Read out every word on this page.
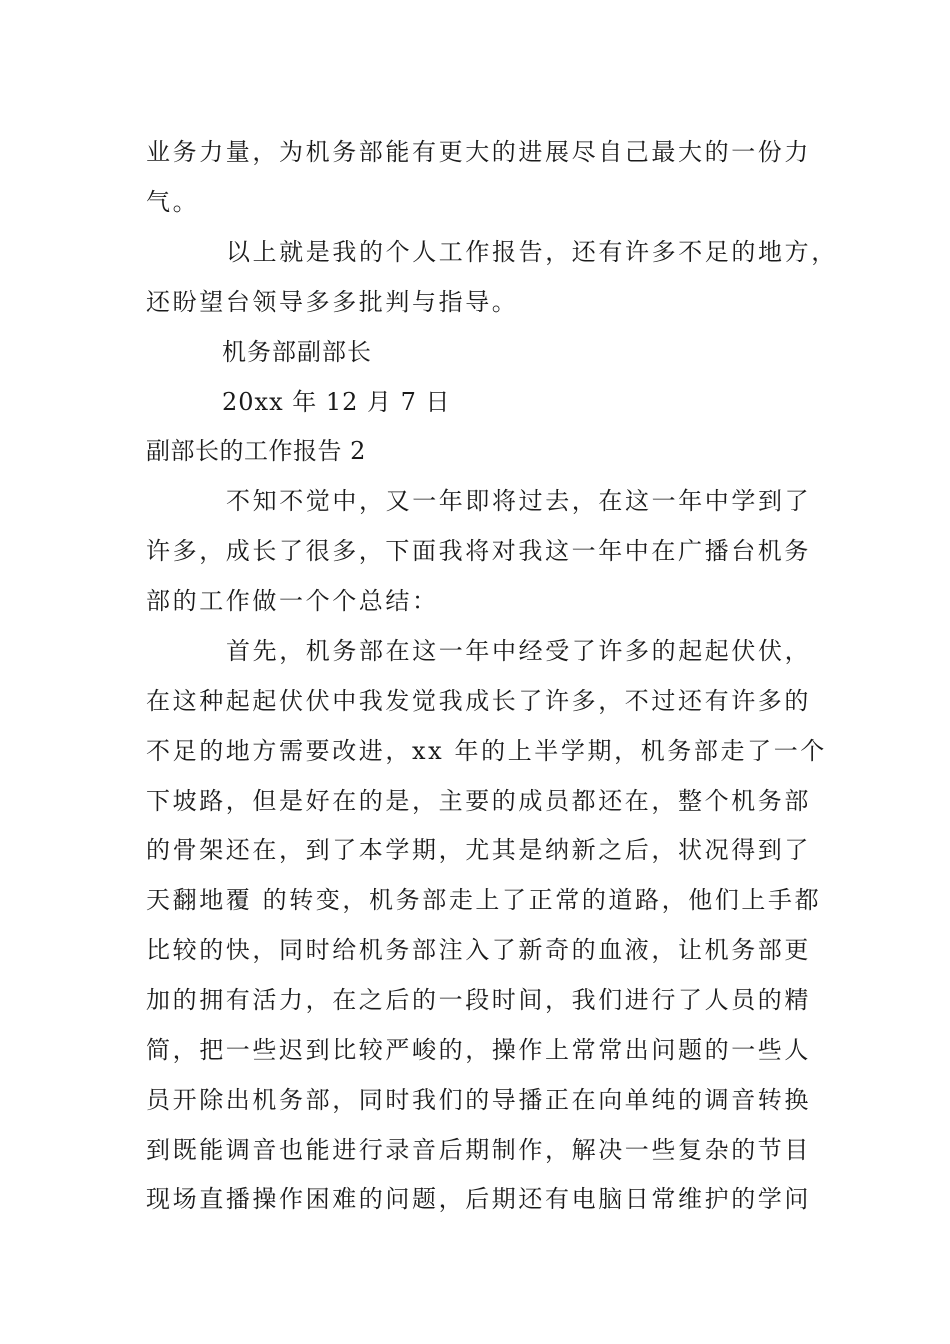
业务力量，为机务部能有更大的进展尽自己最大的一份力
气。
以上就是我的个人工作报告，还有许多不足的地方，
还盼望台领导多多批判与指导。
机务部副部长
20xx 年 12 月 7 日
副部长的工作报告 2
不知不觉中，又一年即将过去，在这一年中学到了
许多，成长了很多，下面我将对我这一年中在广播台机务
部的工作做一个个总结：
首先，机务部在这一年中经受了许多的起起伏伏，
在这种起起伏伏中我发觉我成长了许多，不过还有许多的
不足的地方需要改进，xx 年的上半学期，机务部走了一个
下坡路，但是好在的是，主要的成员都还在，整个机务部
的骨架还在，到了本学期，尤其是纳新之后，状况得到了
天翻地覆 的转变，机务部走上了正常的道路，他们上手都
比较的快，同时给机务部注入了新奇的血液，让机务部更
加的拥有活力，在之后的一段时间，我们进行了人员的精
简，把一些迟到比较严峻的，操作上常常出问题的一些人
员开除出机务部，同时我们的导播正在向单纯的调音转换
到既能调音也能进行录音后期制作，解决一些复杂的节目
现场直播操作困难的问题，后期还有电脑日常维护的学问
